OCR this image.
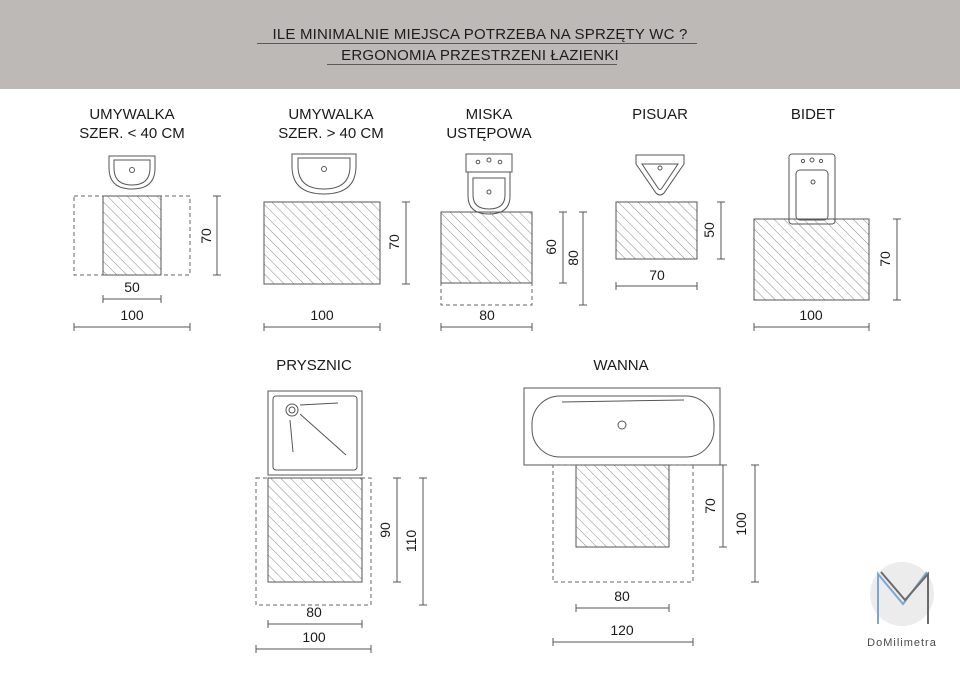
ILE MINIMALNIE MIEJSCA POTRZEBA NA SPRZĘTY WC ?
ERGONOMIA PRZESTRZENI ŁAZIENKI
UMYWALKA
SZER. < 40 CM
50
100
70
UMYWALKA
SZER. > 40 CM
100
70
MISKA
USTĘPOWA
80
60
80
PISUAR
70
50
BIDET
100
70
PRYSZNIC
80
100
90 110
WANNA
80
120
70
100
DoMilimetra
